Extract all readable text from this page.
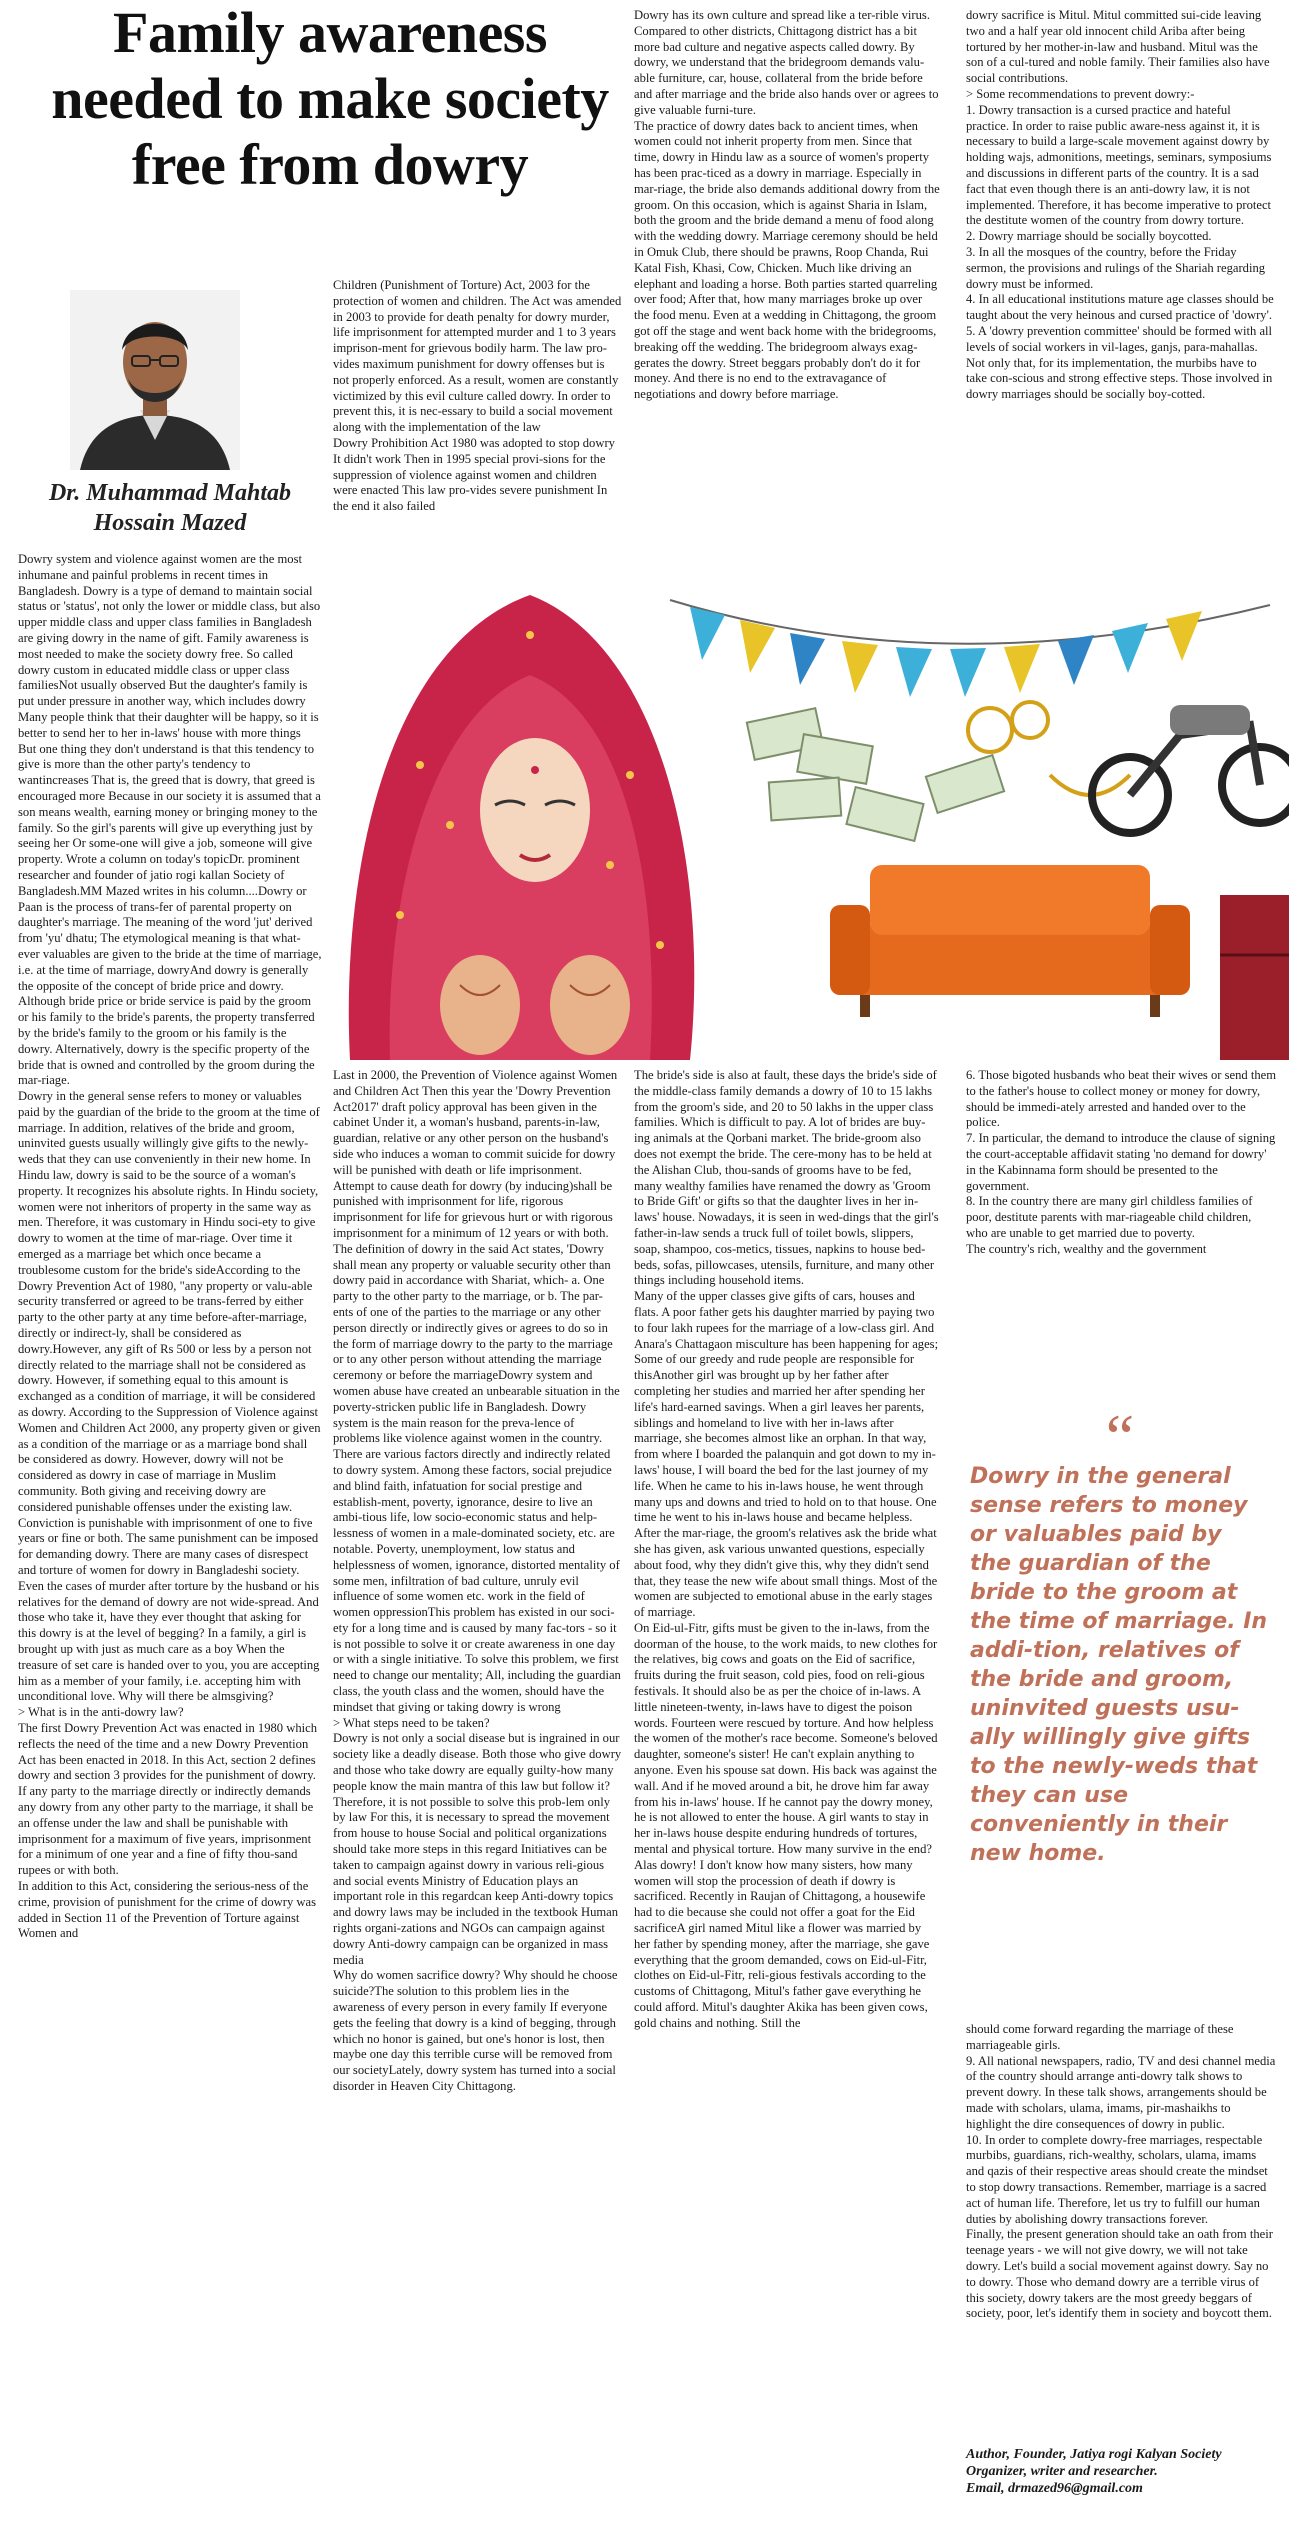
Family awareness
needed to make society
free from dowry
Dr. Muhammad Mahtab
Hossain Mazed

Dowry system and violence against women are the most inhumane and painful problems in recent times in Bangladesh. Dowry is a type of demand to maintain social status or 'status', not only the lower or middle class, but also upper middle class and upper class families in Bangladesh are giving dowry in the name of gift. Family awareness is most needed to make the society dowry free. So called dowry custom in educated middle class or upper class familiesNot usually observed But the daughter's family is put under pressure in another way, which includes dowry Many people think that their daughter will be happy, so it is better to send her to her in-laws' house with more things But one thing they don't understand is that this tendency to give is more than the other party's tendency to wantincreases That is, the greed that is dowry, that greed is encouraged more Because in our society it is assumed that a son means wealth, earning money or bringing money to the family. So the girl's parents will give up everything just by seeing her Or some-one will give a job, someone will give property. Wrote a column on today's topicDr. prominent researcher and founder of jatio rogi kallan Society of Bangladesh.MM Mazed writes in his column....Dowry or Paan is the process of trans-fer of parental property on daughter's marriage. The meaning of the word 'jut' derived from 'yu' dhatu; The etymological meaning is that what-ever valuables are given to the bride at the time of marriage, i.e. at the time of marriage, dowryAnd dowry is generally the opposite of the concept of bride price and dowry. Although bride price or bride service is paid by the groom or his family to the bride's parents, the property transferred by the bride's family to the groom or his family is the dowry. Alternatively, dowry is the specific property of the bride that is owned and controlled by the groom during the mar-riage.

Dowry in the general sense refers to money or valuables paid by the guardian of the bride to the groom at the time of marriage. In addition, relatives of the bride and groom, uninvited guests usually willingly give gifts to the newly-weds that they can use conveniently in their new home. In Hindu law, dowry is said to be the source of a woman's property. It recognizes his absolute rights. In Hindu society, women were not inheritors of property in the same way as men. Therefore, it was customary in Hindu soci-ety to give dowry to women at the time of mar-riage. Over time it emerged as a marriage bet which once became a troublesome custom for the bride's sideAccording to the Dowry Prevention Act of 1980, "any property or valu-able security transferred or agreed to be trans-ferred by either party to the other party at any time before-after-marriage, directly or indirect-ly, shall be considered as dowry.However, any gift of Rs 500 or less by a person not directly related to the marriage shall not be considered as dowry. However, if something equal to this amount is exchanged as a condition of marriage, it will be considered as dowry. According to the Suppression of Violence against Women and Children Act 2000, any property given or given as a condition of the marriage or as a marriage bond shall be considered as dowry. However, dowry will not be considered as dowry in case of marriage in Muslim community. Both giving and receiving dowry are considered punishable offenses under the existing law. Conviction is punishable with imprisonment of one to five years or fine or both. The same punishment can be imposed for demanding dowry. There are many cases of disrespect and torture of women for dowry in Bangladeshi society. Even the cases of murder after torture by the husband or his relatives for the demand of dowry are not wide-spread. And those who take it, have they ever thought that asking for this dowry is at the level of begging? In a family, a girl is brought up with just as much care as a boy When the treasure of set care is handed over to you, you are accepting him as a member of your family, i.e. accepting him with unconditional love. Why will there be almsgiving?

> What is in the anti-dowry law?

The first Dowry Prevention Act was enacted in 1980 which reflects the need of the time and a new Dowry Prevention Act has been enacted in 2018. In this Act, section 2 defines dowry and section 3 provides for the punishment of dowry. If any party to the marriage directly or indirectly demands any dowry from any other party to the marriage, it shall be an offense under the law and shall be punishable with imprisonment for a maximum of five years, imprisonment for a minimum of one year and a fine of fifty thou-sand rupees or with both.

In addition to this Act, considering the serious-ness of the crime, provision of punishment for the crime of dowry was added in Section 11 of the Prevention of Torture against Women and

Children (Punishment of Torture) Act, 2003 for the protection of women and children. The Act was amended in 2003 to provide for death penalty for dowry murder, life imprisonment for attempted murder and 1 to 3 years imprison-ment for grievous bodily harm. The law pro-vides maximum punishment for dowry offenses but is not properly enforced. As a result, women are constantly victimized by this evil culture called dowry. In order to prevent this, it is nec-essary to build a social movement along with the implementation of the law

Dowry Prohibition Act 1980 was adopted to stop dowry It didn't work Then in 1995 special provi-sions for the suppression of violence against women and children were enacted This law pro-vides severe punishment In the end it also failed

Dowry has its own culture and spread like a ter-rible virus. Compared to other districts, Chittagong district has a bit more bad culture and negative aspects called dowry. By dowry, we understand that the bridegroom demands valu-able furniture, car, house, collateral from the bride before and after marriage and the bride also hands over or agrees to give valuable furni-ture.

The practice of dowry dates back to ancient times, when women could not inherit property from men. Since that time, dowry in Hindu law as a source of women's property has been prac-ticed as a dowry in marriage. Especially in mar-riage, the bride also demands additional dowry from the groom. On this occasion, which is against Sharia in Islam, both the groom and the bride demand a menu of food along with the wedding dowry. Marriage ceremony should be held in Omuk Club, there should be prawns, Roop Chanda, Rui Katal Fish, Khasi, Cow, Chicken. Much like driving an elephant and loading a horse. Both parties started quarreling over food; After that, how many marriages broke up over the food menu. Even at a wedding in Chittagong, the groom got off the stage and went back home with the bridegrooms, breaking off the wedding. The bridegroom always exag-gerates the dowry. Street beggars probably don't do it for money. And there is no end to the extravagance of negotiations and dowry before marriage.

dowry sacrifice is Mitul. Mitul committed sui-cide leaving two and a half year old innocent child Ariba after being tortured by her mother-in-law and husband. Mitul was the son of a cul-tured and noble family. Their families also have social contributions.

> Some recommendations to prevent dowry:-

1. Dowry transaction is a cursed practice and hateful practice. In order to raise public aware-ness against it, it is necessary to build a large-scale movement against dowry by holding wajs, admonitions, meetings, seminars, symposiums and discussions in different parts of the country. It is a sad fact that even though there is an anti-dowry law, it is not implemented. Therefore, it has become imperative to protect the destitute women of the country from dowry torture.

2. Dowry marriage should be socially boycotted.

3. In all the mosques of the country, before the Friday sermon, the provisions and rulings of the Shariah regarding dowry must be informed.

4. In all educational institutions mature age classes should be taught about the very heinous and cursed practice of 'dowry'.

5. A 'dowry prevention committee' should be formed with all levels of social workers in vil-lages, ganjs, para-mahallas. Not only that, for its implementation, the murbibs have to take con-scious and strong effective steps. Those involved in dowry marriages should be socially boy-cotted.

Last in 2000, the Prevention of Violence against Women and Children Act Then this year the 'Dowry Prevention Act2017' draft policy approval has been given in the cabinet Under it, a woman's husband, parents-in-law, guardian, relative or any other person on the husband's side who induces a woman to commit suicide for dowry will be punished with death or life imprisonment. Attempt to cause death for dowry (by inducing)shall be punished with imprisonment for life, rigorous imprisonment for life for grievous hurt or with rigorous imprisonment for a minimum of 12 years or with both. The definition of dowry in the said Act states, 'Dowry shall mean any property or valuable security other than dowry paid in accordance with Shariat, which- a. One party to the other party to the marriage, or b. The par-ents of one of the parties to the marriage or any other person directly or indirectly gives or agrees to do so in the form of marriage dowry to the party to the marriage or to any other person without attending the marriage ceremony or before the marriageDowry system and women abuse have created an unbearable situation in the poverty-stricken public life in Bangladesh. Dowry system is the main reason for the preva-lence of problems like violence against women in the country. There are various factors directly and indirectly related to dowry system. Among these factors, social prejudice and blind faith, infatuation for social prestige and establish-ment, poverty, ignorance, desire to live an ambi-tious life, low socio-economic status and help-lessness of women in a male-dominated society, etc. are notable. Poverty, unemployment, low status and helplessness of women, ignorance, distorted mentality of some men, infiltration of bad culture, unruly evil influence of some women etc. work in the field of women oppressionThis problem has existed in our soci-ety for a long time and is caused by many fac-tors - so it is not possible to solve it or create awareness in one day or with a single initiative. To solve this problem, we first need to change our mentality; All, including the guardian class, the youth class and the women, should have the mindset that giving or taking dowry is wrong

> What steps need to be taken?

Dowry is not only a social disease but is ingrained in our society like a deadly disease. Both those who give dowry and those who take dowry are equally guilty-how many people know the main mantra of this law but follow it? Therefore, it is not possible to solve this prob-lem only by law For this, it is necessary to spread the movement from house to house Social and political organizations should take more steps in this regard Initiatives can be taken to campaign against dowry in various reli-gious and social events Ministry of Education plays an important role in this regardcan keep Anti-dowry topics and dowry laws may be included in the textbook Human rights organi-zations and NGOs can campaign against dowry Anti-dowry campaign can be organized in mass media

Why do women sacrifice dowry? Why should he choose suicide?The solution to this problem lies in the awareness of every person in every family If everyone gets the feeling that dowry is a kind of begging, through which no honor is gained, but one's honor is lost, then maybe one day this terrible curse will be removed from our societyLately, dowry system has turned into a social disorder in Heaven City Chittagong.

The bride's side is also at fault, these days the bride's side of the middle-class family demands a dowry of 10 to 15 lakhs from the groom's side, and 20 to 50 lakhs in the upper class families. Which is difficult to pay. A lot of brides are buy-ing animals at the Qorbani market. The bride-groom also does not exempt the bride. The cere-mony has to be held at the Alishan Club, thou-sands of grooms have to be fed, many wealthy families have renamed the dowry as 'Groom to Bride Gift' or gifts so that the daughter lives in her in-laws' house. Nowadays, it is seen in wed-dings that the girl's father-in-law sends a truck full of toilet bowls, slippers, soap, shampoo, cos-metics, tissues, napkins to house bed-beds, sofas, pillowcases, utensils, furniture, and many other things including household items.

Many of the upper classes give gifts of cars, houses and flats. A poor father gets his daughter married by paying two to four lakh rupees for the marriage of a low-class girl. And Anara's Chattagaon misculture has been happening for ages; Some of our greedy and rude people are responsible for thisAnother girl was brought up by her father after completing her studies and married her after spending her life's hard-earned savings. When a girl leaves her parents, siblings and homeland to live with her in-laws after marriage, she becomes almost like an orphan. In that way, from where I boarded the palanquin and got down to my in-laws' house, I will board the bed for the last journey of my life. When he came to his in-laws house, he went through many ups and downs and tried to hold on to that house. One time he went to his in-laws house and became helpless. After the mar-riage, the groom's relatives ask the bride what she has given, ask various unwanted questions, especially about food, why they didn't give this, why they didn't send that, they tease the new wife about small things. Most of the women are subjected to emotional abuse in the early stages of marriage.

On Eid-ul-Fitr, gifts must be given to the in-laws, from the doorman of the house, to the work maids, to new clothes for the relatives, big cows and goats on the Eid of sacrifice, fruits during the fruit season, cold pies, food on reli-gious festivals. It should also be as per the choice of in-laws. A little nineteen-twenty, in-laws have to digest the poison words. Fourteen were rescued by torture. And how helpless the women of the mother's race become. Someone's beloved daughter, someone's sister! He can't explain anything to anyone. Even his spouse sat down. His back was against the wall. And if he moved around a bit, he drove him far away from his in-laws' house. If he cannot pay the dowry money, he is not allowed to enter the house. A girl wants to stay in her in-laws house despite enduring hundreds of tortures, mental and physical torture. How many survive in the end? Alas dowry! I don't know how many sisters, how many women will stop the procession of death if dowry is sacrificed. Recently in Raujan of Chittagong, a housewife had to die because she could not offer a goat for the Eid sacrificeA girl named Mitul like a flower was married by her father by spending money, after the marriage, she gave everything that the groom demanded, cows on Eid-ul-Fitr, clothes on Eid-ul-Fitr, reli-gious festivals according to the customs of Chittagong, Mitul's father gave everything he could afford. Mitul's daughter Akika has been given cows, gold chains and nothing. Still the

6. Those bigoted husbands who beat their wives or send them to the father's house to collect money or money for dowry, should be immedi-ately arrested and handed over to the police.

7. In particular, the demand to introduce the clause of signing the court-acceptable affidavit stating 'no demand for dowry' in the Kabinnama form should be presented to the government.

8. In the country there are many girl childless families of poor, destitute parents with mar-riageable child children, who are unable to get married due to poverty.

The country's rich, wealthy and the government

“
Dowry in the general sense refers to money or valuables paid by the guardian of the bride to the groom at the time of marriage. In addi-tion, relatives of the bride and groom, uninvited guests usu-ally willingly give gifts to the newly-weds that they can use conveniently in their new home.

should come forward regarding the marriage of these marriageable girls.

9. All national newspapers, radio, TV and desi channel media of the country should arrange anti-dowry talk shows to prevent dowry. In these talk shows, arrangements should be made with scholars, ulama, imams, pir-mashaikhs to highlight the dire consequences of dowry in public.

10. In order to complete dowry-free marriages, respectable murbibs, guardians, rich-wealthy, scholars, ulama, imams and qazis of their respective areas should create the mindset to stop dowry transactions. Remember, marriage is a sacred act of human life. Therefore, let us try to fulfill our human duties by abolishing dowry transactions forever.

Finally, the present generation should take an oath from their teenage years - we will not give dowry, we will not take dowry. Let's build a social movement against dowry. Say no to dowry. Those who demand dowry are a terrible virus of this society, dowry takers are the most greedy beggars of society, poor, let's identify them in society and boycott them.

Author, Founder, Jatiya rogi Kalyan Society
Organizer, writer and researcher.
Email, drmazed96@gmail.com
